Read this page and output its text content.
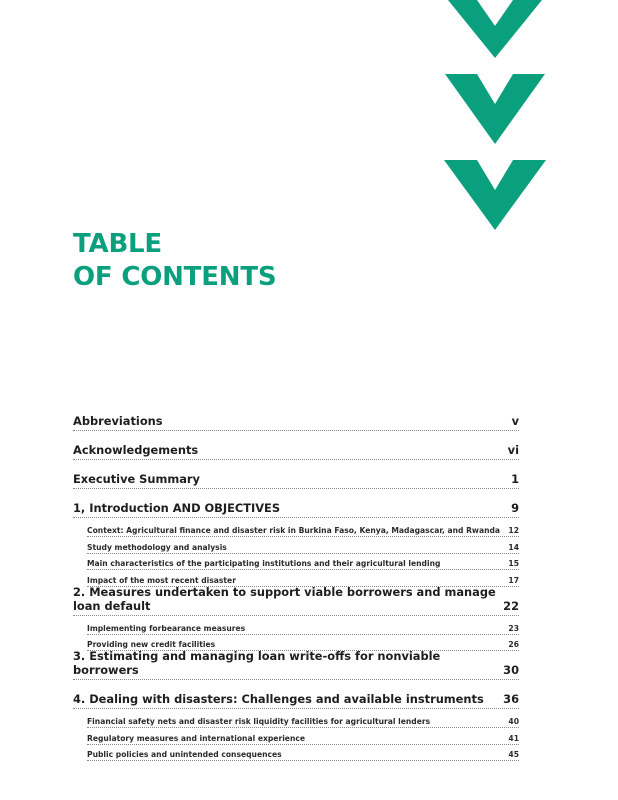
TABLE
OF CONTENTS
Abbreviations	v
Acknowledgements	vi
Executive Summary	1
1, Introduction AND OBJECTIVES	9
Context: Agricultural finance and disaster risk in Burkina Faso, Kenya, Madagascar, and Rwanda	12
Study methodology and analysis	14
Main characteristics of the participating institutions and their agricultural lending	15
Impact of the most recent disaster	17
2. Measures undertaken to support viable borrowers and manage loan default	22
Implementing forbearance measures	23
Providing new credit facilities	26
3. Estimating and managing loan write-offs for nonviable borrowers	30
4. Dealing with disasters: Challenges and available instruments 36
Financial safety nets and disaster risk liquidity facilities for agricultural lenders	40
Regulatory measures and international experience	41
Public policies and unintended consequences	45
